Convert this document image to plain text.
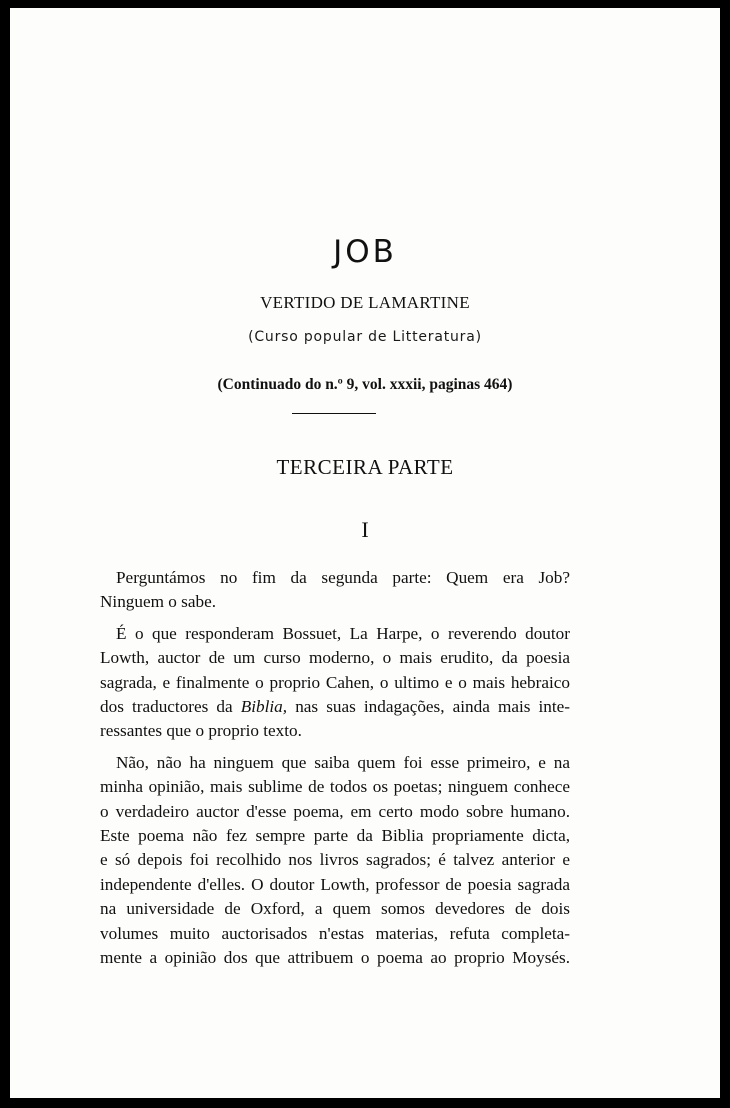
JOB
VERTIDO DE LAMARTINE
(Curso popular de Litteratura)
(Continuado do n.º 9, vol. xxxii, paginas 464)
TERCEIRA PARTE
I

Perguntámos no fim da segunda parte: Quem era Job?
Ninguem o sabe.

É o que responderam Bossuet, La Harpe, o reverendo doutor
Lowth, auctor de um curso moderno, o mais erudito, da poesia
sagrada, e finalmente o proprio Cahen, o ultimo e o mais hebraico
dos traductores da Biblia, nas suas indagações, ainda mais inte-
ressantes que o proprio texto.

Não, não ha ninguem que saiba quem foi esse primeiro, e na
minha opinião, mais sublime de todos os poetas; ninguem conhece
o verdadeiro auctor d'esse poema, em certo modo sobre humano.
Este poema não fez sempre parte da Biblia propriamente dicta,
e só depois foi recolhido nos livros sagrados; é talvez anterior e
independente d'elles. O doutor Lowth, professor de poesia sagrada
na universidade de Oxford, a quem somos devedores de dois
volumes muito auctorisados n'estas materias, refuta completa-
mente a opinião dos que attribuem o poema ao proprio Moysés.
